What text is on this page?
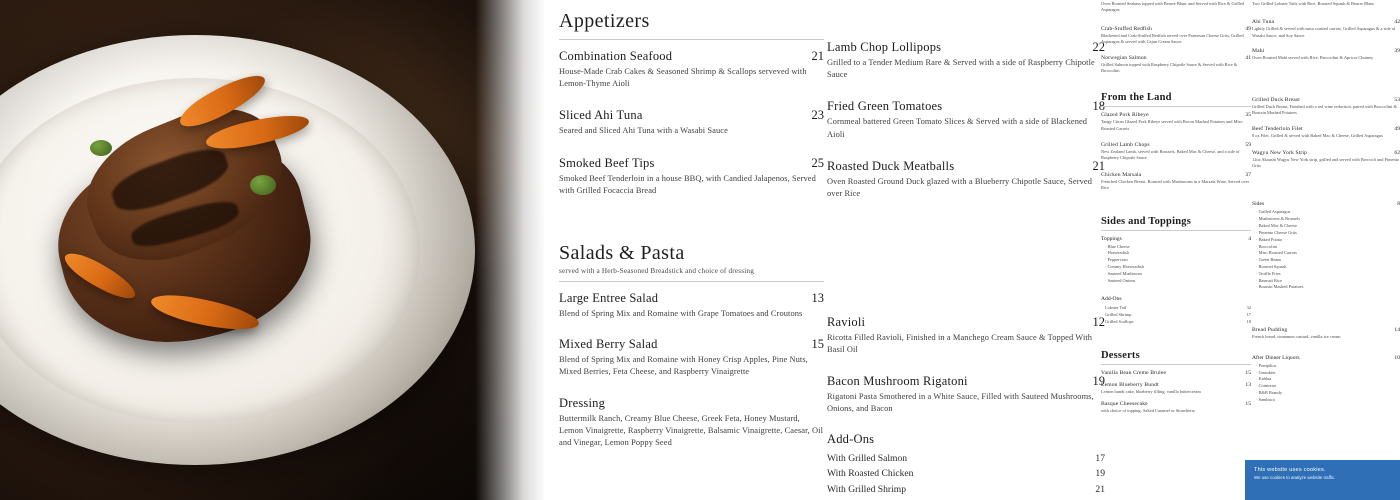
Appetizers
Combination Seafood	21
House-Made Crab Cakes & Seasoned Shrimp & Scallops serveved with Lemon-Thyme Aioli
Sliced Ahi Tuna	23
Seared and Sliced Ahi Tuna with a Wasabi Sauce
Smoked Beef Tips	25
Smoked Beef Tenderloin in a house BBQ, with Candied Jalapenos, Served with Grilled Focaccia Bread
Salads & Pasta
served with a Herb-Seasoned Breadstick and choice of dressing
Large Entree Salad	13
Blend of Spring Mix and Romaine with Grape Tomatoes and Croutons
Mixed Berry Salad	15
Blend of Spring Mix and Romaine with Honey Crisp Apples, Pine Nuts, Mixed Berries, Feta Cheese, and Raspberry Vinaigrette
Dressing
Buttermilk Ranch, Creamy Blue Cheese, Greek Feta, Honey Mustard, Lemon Vinaigrette, Raspberry Vinaigrette, Balsamic Vinaigrette, Caesar, Oil and Vinegar, Lemon Poppy Seed
Lamb Chop Lollipops	22
Grilled to a Tender Medium Rare & Served with a side of Raspberry Chipotle Sauce
Fried Green Tomatoes	18
Cornmeal battered Green Tomato Slices & Served with a side of Blackened Aioli
Roasted Duck Meatballs	21
Oven Roasted Ground Duck glazed with a Blueberry Chipotle Sauce, Served over Rice
Ravioli	12
Ricotta Filled Ravioli, Finished in a Manchego Cream Sauce & Topped With Basil Oil
Bacon Mushroom Rigatoni	19
Rigatoni Pasta Smothered in a White Sauce, Filled with Sauteed Mushrooms, Onions, and Bacon
Add-Ons
With Grilled Salmon	17
With Roasted Chicken	19
With Grilled Shrimp	21
Oven Roasted Seabass topped with Beurre Blanc and Served with Rice & Grilled Asparagus
Crab-Stuffed Redfish	49
Blackened and Crab-Stuffed Redfish served over Parmesan Cheese Grits, Grilled Asparagus & served with Cajun Cream Sauce
Norwegian Salmon	41
Grilled Salmon topped with Raspberry Chipotle Sauce & Served with Rice & Broccolini
From the Land
Glazed Pork Ribeye	35
Tangy Citrus Glazed Pork Ribeye served with Bacon Mashed Potatoes and Miso Roasted Carrots
Grilled Lamb Chops	59
New Zealand Lamb, served with Brussels, Baked Mac & Cheese, and a side of Raspberry Chipotle Sauce
Chicken Marsala	37
Frenched Chicken Breast, Roasted with Mushrooms in a Marsala Wine, Served over Rice
Sides and Toppings
Toppings	4
· Blue Cheese
· Horseradish
· Peppercorn
· Creamy Horseradish
· Sauteed Mushroom
· Sauteed Onions
Add-Ons
Lobster Tail	32
Grilled Shrimp	17
Grilled Scallops	18
Desserts
Vanilla Bean Creme Brulee	15
Lemon Blueberry Bundt	13
Lemon bundt cake, blueberry filling, vanilla buttercream
Basque Cheesecake	15
with choice of topping: Salted Caramel or Strawberry
Two Grilled Lobster Tails with Rice, Roasted Squash & Beurre Blanc
Ahi Tuna	42
Lightly Grilled & served with miso roasted carrots, Grilled Asparagus & a side of Wasabi Sauce, and Soy Sauce
Mahi	39
Oven Roasted Mahi served with Rice, Broccolini & Apricot Chutney
Grilled Duck Breast	53
Grilled Duck Breast, Finished with a red wine reduction, paired with Broccolini & Boursin Mashed Potatoes
Beef Tenderloin Filet	49
8 oz Filet, Grilled & served with Baked Mac & Cheese, Grilled Asparagus
Wagyu New York Strip	62
12oz Akaushi Wagyu New York strip, grilled and served with Broccoli and Pimento Grits
Sides	8
· Grilled Asparagus
· Mushrooms & Brussels
· Baked Mac & Cheese
· Pimento Cheese Grits
· Baked Potato
· Broccolini
· Miso Roasted Carrots
· Green Beans
· Roasted Squash
· Truffle Fries
· Basmati Rice
· Boursin Mashed Potatoes
Bread Pudding	14
French bread, cinnamon custard, vanilla ice cream
After Dinner Liquors	10
· Pompilios
· Grumbier
· Kahlua
· Cointreau
· B&B Brandy
· Sambuca
This website uses cookies.
We use cookies to analyze website traffic.
